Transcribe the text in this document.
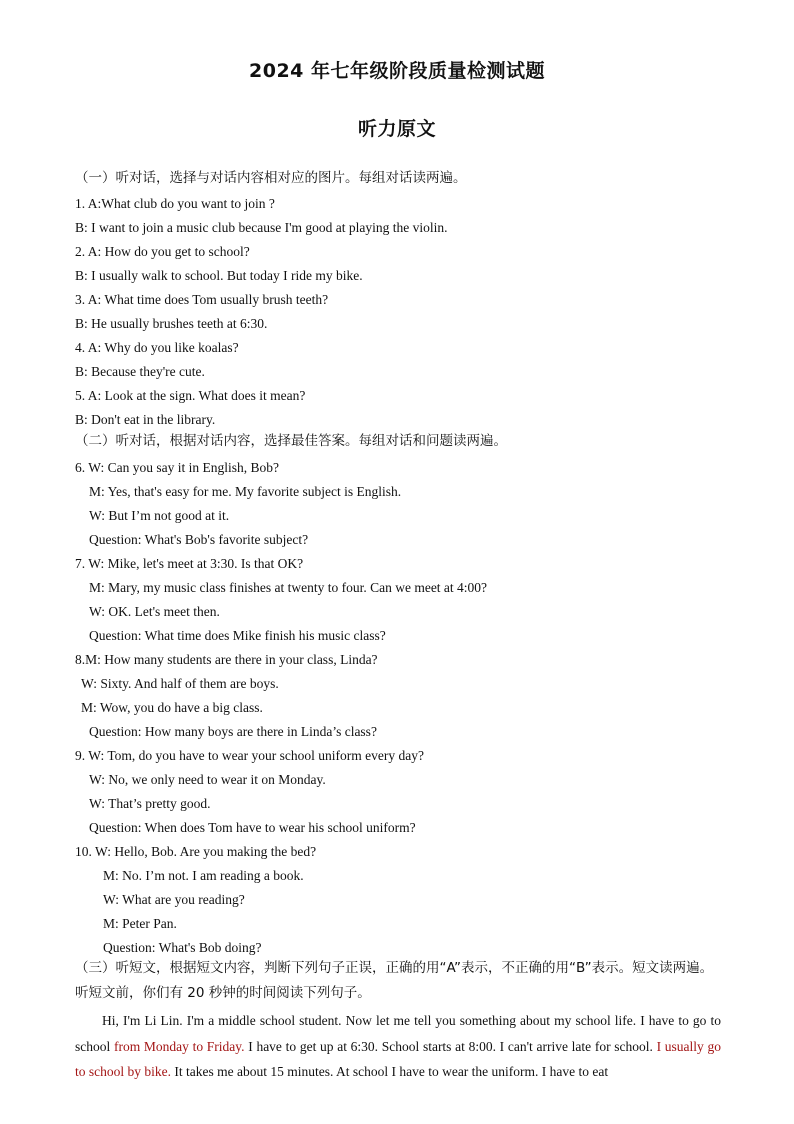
2024 年七年级阶段质量检测试题
听力原文
（一）听对话，选择与对话内容相对应的图片。每组对话读两遍。
1. A:What club do you want to join ?
B: I want to join a music club because I'm good at playing the violin.
2. A: How do you get to school?
B: I usually walk to school. But today I ride my bike.
3. A: What time does Tom usually brush teeth?
B: He usually brushes teeth at 6:30.
4. A: Why do you like koalas?
B: Because they're cute.
5. A: Look at the sign. What does it mean?
B: Don't eat in the library.
（二）听对话，根据对话内容，选择最佳答案。每组对话和问题读两遍。
6. W: Can you say it in English, Bob?
M: Yes, that's easy for me. My favorite subject is English.
W: But I’m not good at it.
Question: What's Bob's favorite subject?
7. W: Mike, let's meet at 3:30. Is that OK?
M: Mary, my music class finishes at twenty to four. Can we meet at 4:00?
W: OK. Let's meet then.
Question: What time does Mike finish his music class?
8.M: How many students are there in your class, Linda?
W: Sixty. And half of them are boys.
M: Wow, you do have a big class.
Question: How many boys are there in Linda’s class?
9. W: Tom, do you have to wear your school uniform every day?
W: No, we only need to wear it on Monday.
W: That’s pretty good.
Question: When does Tom have to wear his school uniform?
10. W: Hello, Bob. Are you making the bed?
M: No. I’m not. I am reading a book.
W: What are you reading?
M: Peter Pan.
Question: What's Bob doing?
（三）听短文，根据短文内容，判断下列句子正误，正确的用“A”表示，不正确的用“B”表示。短文读两遍。听短文前，你们有 20 秒钟的时间阅读下列句子。
Hi, I'm Li Lin. I'm a middle school student. Now let me tell you something about my school life. I have to go to school from Monday to Friday. I have to get up at 6:30. School starts at 8:00. I can't arrive late for school. I usually go to school by bike. It takes me about 15 minutes. At school I have to wear the uniform. I have to eat
